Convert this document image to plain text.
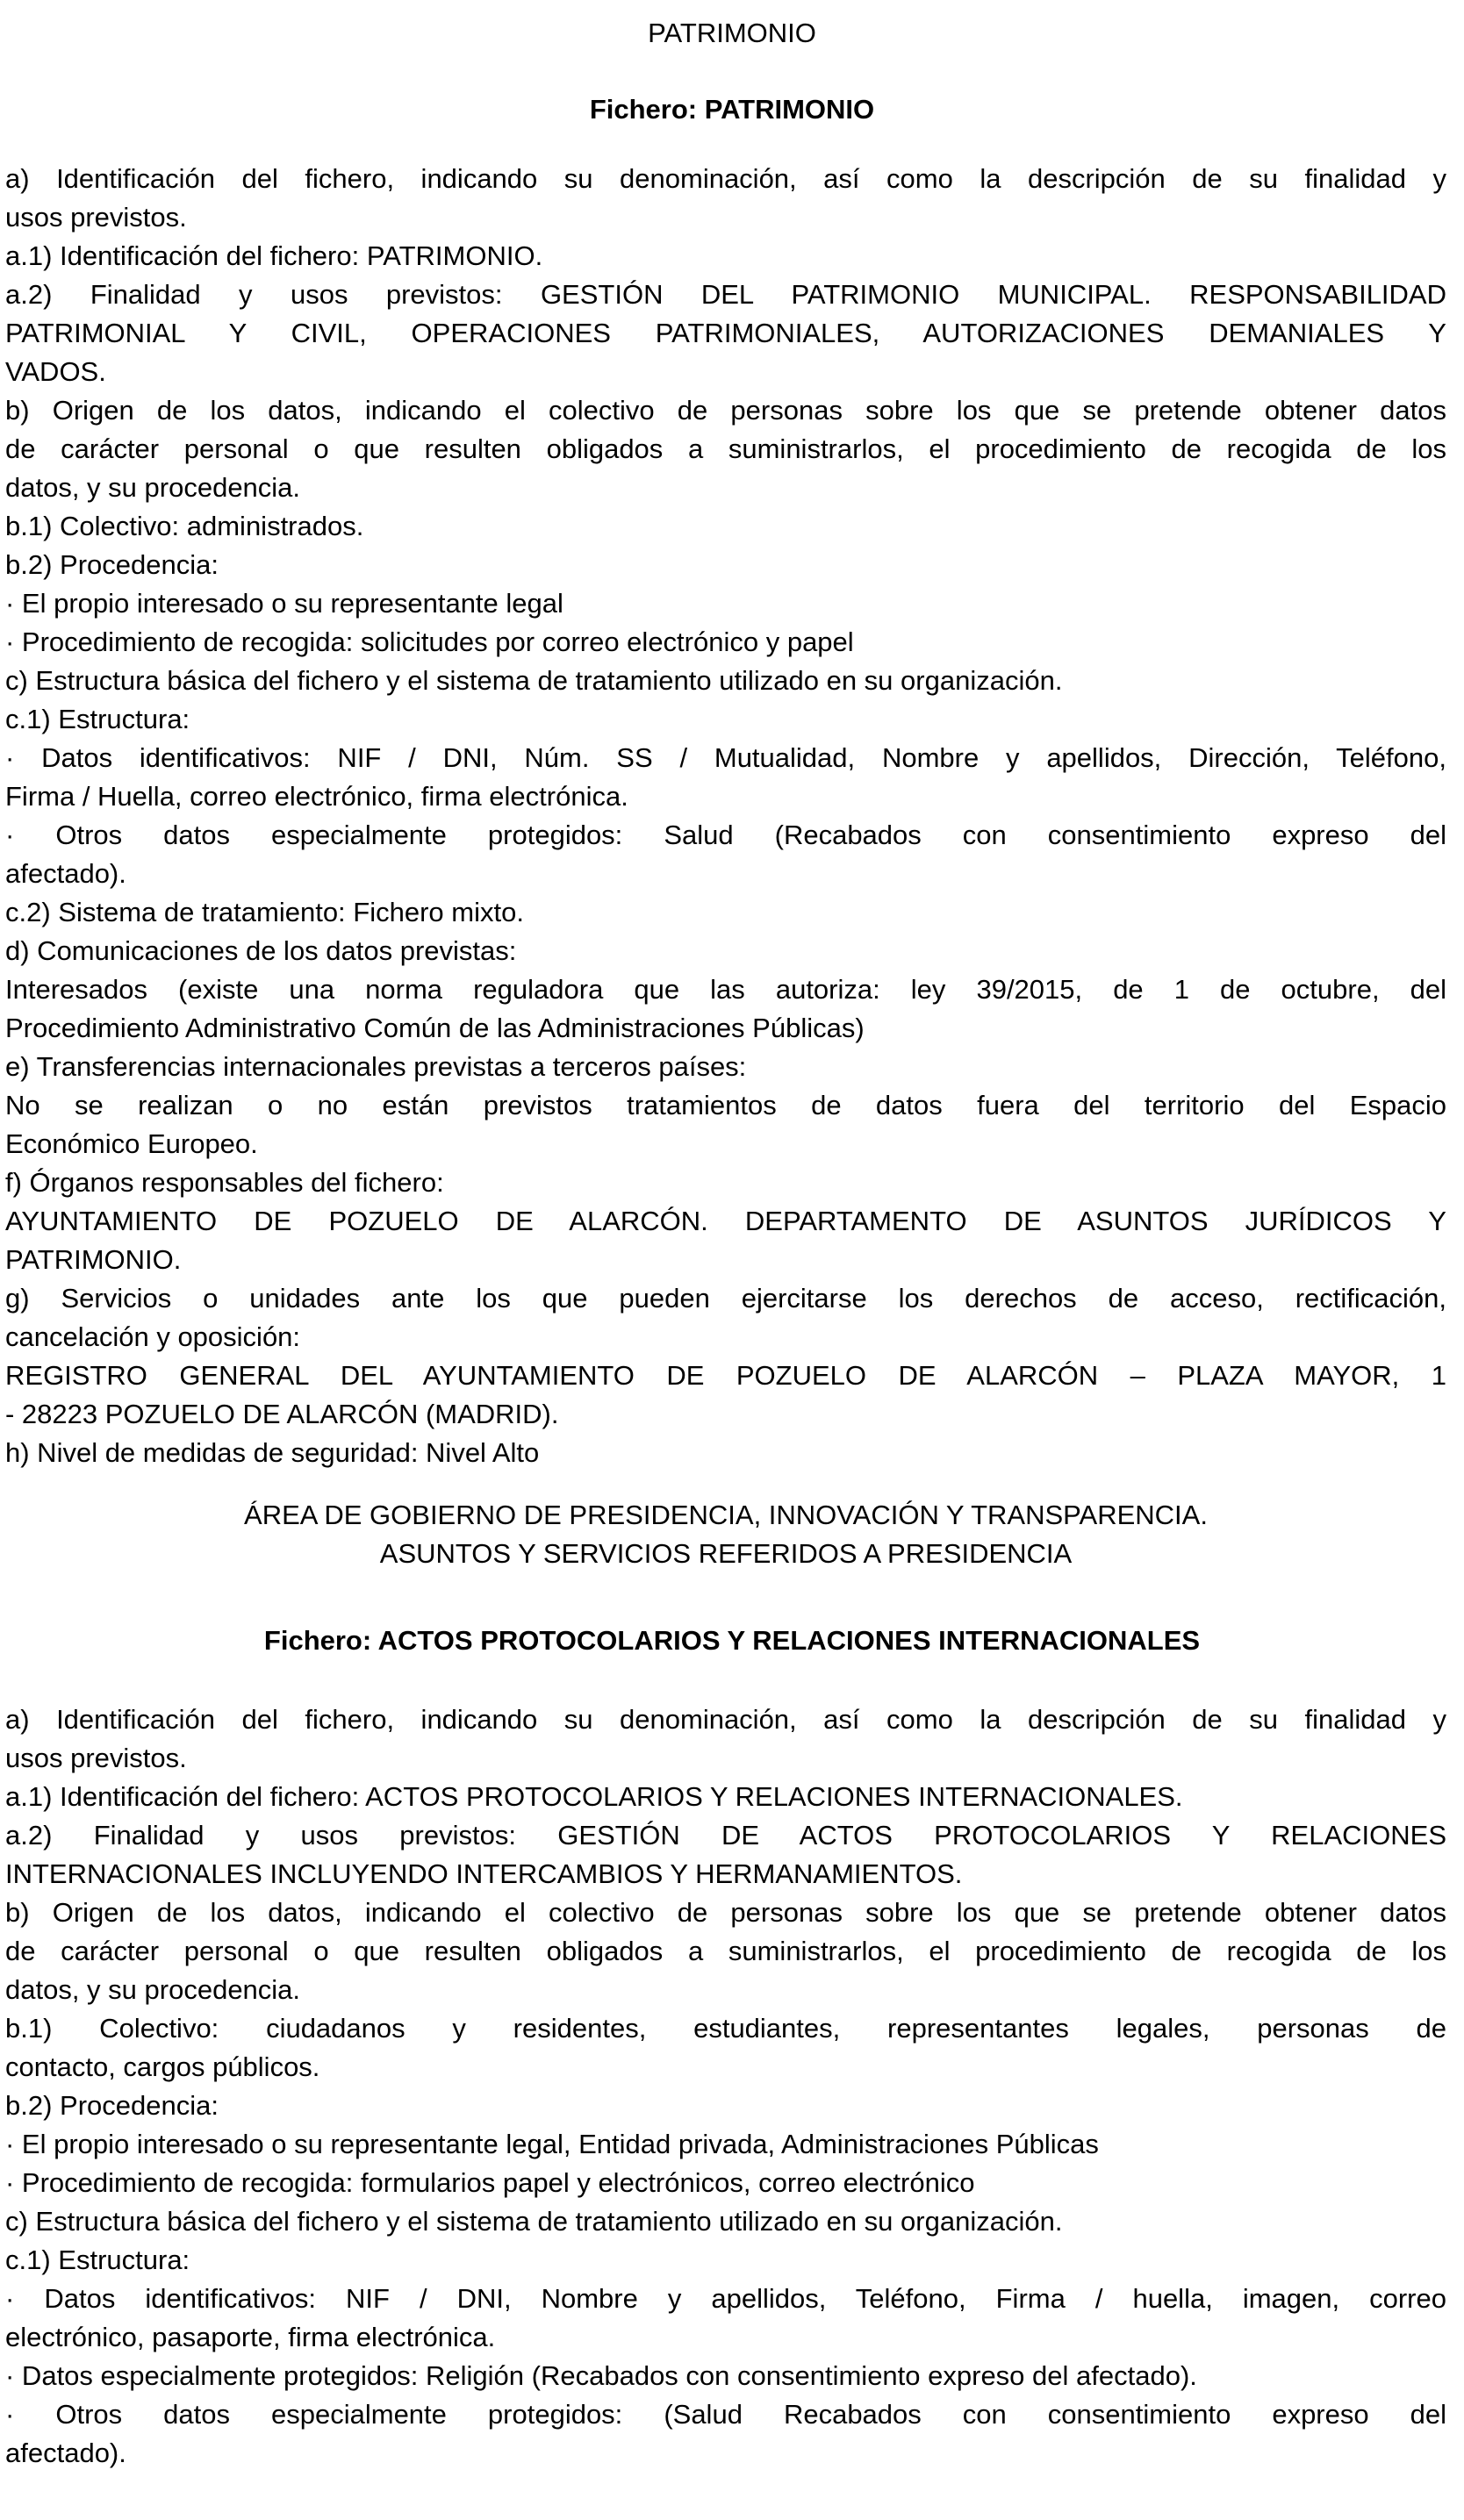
PATRIMONIO
Fichero: PATRIMONIO
a) Identificación del fichero, indicando su denominación, así como la descripción de su finalidad y
usos previstos.
a.1) Identificación del fichero: PATRIMONIO.
a.2) Finalidad y usos previstos: GESTIÓN DEL PATRIMONIO MUNICIPAL. RESPONSABILIDAD
PATRIMONIAL Y CIVIL, OPERACIONES PATRIMONIALES, AUTORIZACIONES DEMANIALES Y
VADOS.
b) Origen de los datos, indicando el colectivo de personas sobre los que se pretende obtener datos
de carácter personal o que resulten obligados a suministrarlos, el procedimiento de recogida de los
datos, y su procedencia.
b.1) Colectivo: administrados.
b.2) Procedencia:
· El propio interesado o su representante legal
· Procedimiento de recogida: solicitudes por correo electrónico y papel
c) Estructura básica del fichero y el sistema de tratamiento utilizado en su organización.
c.1) Estructura:
· Datos identificativos: NIF / DNI, Núm. SS / Mutualidad, Nombre y apellidos, Dirección, Teléfono,
Firma / Huella, correo electrónico, firma electrónica.
· Otros datos especialmente protegidos: Salud (Recabados con consentimiento expreso del
afectado).
c.2) Sistema de tratamiento: Fichero mixto.
d) Comunicaciones de los datos previstas:
Interesados (existe una norma reguladora que las autoriza: ley 39/2015, de 1 de octubre, del
Procedimiento Administrativo Común de las Administraciones Públicas)
e) Transferencias internacionales previstas a terceros países:
No se realizan o no están previstos tratamientos de datos fuera del territorio del Espacio
Económico Europeo.
f) Órganos responsables del fichero:
AYUNTAMIENTO DE POZUELO DE ALARCÓN. DEPARTAMENTO DE ASUNTOS JURÍDICOS Y
PATRIMONIO.
g) Servicios o unidades ante los que pueden ejercitarse los derechos de acceso, rectificación,
cancelación y oposición:
REGISTRO GENERAL DEL AYUNTAMIENTO DE POZUELO DE ALARCÓN – PLAZA MAYOR, 1
- 28223 POZUELO DE ALARCÓN (MADRID).
h) Nivel de medidas de seguridad: Nivel Alto
ÁREA DE GOBIERNO DE PRESIDENCIA, INNOVACIÓN Y TRANSPARENCIA.
ASUNTOS Y SERVICIOS REFERIDOS A PRESIDENCIA
Fichero: ACTOS PROTOCOLARIOS Y RELACIONES INTERNACIONALES
a) Identificación del fichero, indicando su denominación, así como la descripción de su finalidad y
usos previstos.
a.1) Identificación del fichero: ACTOS PROTOCOLARIOS Y RELACIONES INTERNACIONALES.
a.2) Finalidad y usos previstos: GESTIÓN DE ACTOS PROTOCOLARIOS Y RELACIONES
INTERNACIONALES INCLUYENDO INTERCAMBIOS Y HERMANAMIENTOS.
b) Origen de los datos, indicando el colectivo de personas sobre los que se pretende obtener datos
de carácter personal o que resulten obligados a suministrarlos, el procedimiento de recogida de los
datos, y su procedencia.
b.1) Colectivo: ciudadanos y residentes, estudiantes, representantes legales, personas de
contacto, cargos públicos.
b.2) Procedencia:
· El propio interesado o su representante legal, Entidad privada, Administraciones Públicas
· Procedimiento de recogida: formularios papel y electrónicos, correo electrónico
c) Estructura básica del fichero y el sistema de tratamiento utilizado en su organización.
c.1) Estructura:
· Datos identificativos: NIF / DNI, Nombre y apellidos, Teléfono, Firma / huella, imagen, correo
electrónico, pasaporte, firma electrónica.
· Datos especialmente protegidos: Religión (Recabados con consentimiento expreso del afectado).
· Otros datos especialmente protegidos: (Salud Recabados con consentimiento expreso del
afectado).
